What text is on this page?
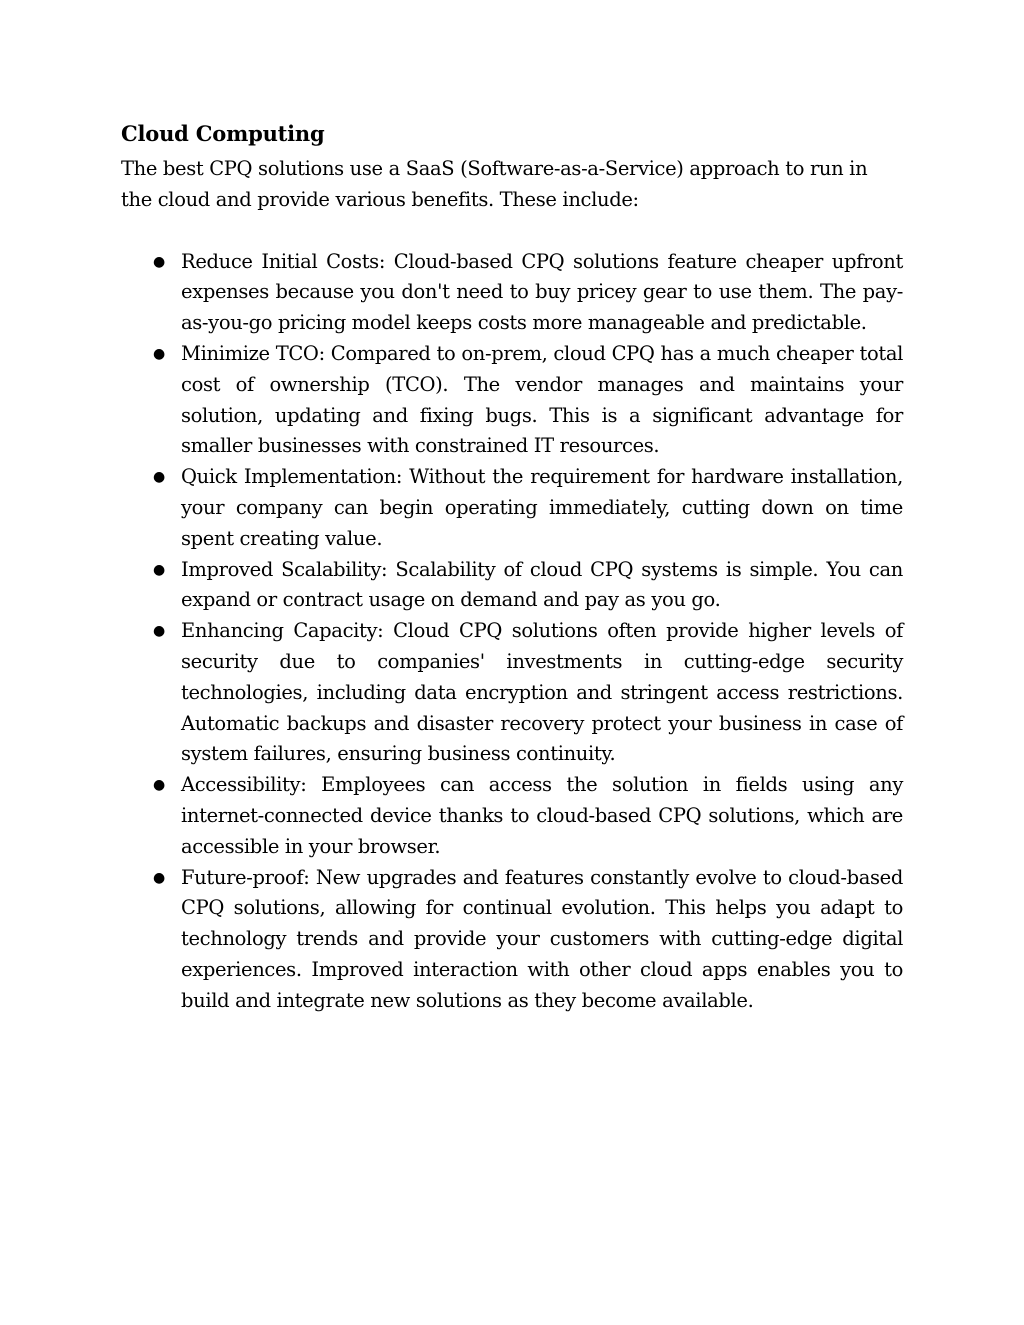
Cloud Computing

The best CPQ solutions use a SaaS (Software-as-a-Service) approach to run in the cloud and provide various benefits. These include:

● Reduce Initial Costs: Cloud-based CPQ solutions feature cheaper upfront expenses because you don't need to buy pricey gear to use them. The pay-as-you-go pricing model keeps costs more manageable and predictable.
● Minimize TCO: Compared to on-prem, cloud CPQ has a much cheaper total cost of ownership (TCO). The vendor manages and maintains your solution, updating and fixing bugs. This is a significant advantage for smaller businesses with constrained IT resources.
● Quick Implementation: Without the requirement for hardware installation, your company can begin operating immediately, cutting down on time spent creating value.
● Improved Scalability: Scalability of cloud CPQ systems is simple. You can expand or contract usage on demand and pay as you go.
● Enhancing Capacity: Cloud CPQ solutions often provide higher levels of security due to companies' investments in cutting-edge security technologies, including data encryption and stringent access restrictions. Automatic backups and disaster recovery protect your business in case of system failures, ensuring business continuity.
● Accessibility: Employees can access the solution in fields using any internet-connected device thanks to cloud-based CPQ solutions, which are accessible in your browser.
● Future-proof: New upgrades and features constantly evolve to cloud-based CPQ solutions, allowing for continual evolution. This helps you adapt to technology trends and provide your customers with cutting-edge digital experiences. Improved interaction with other cloud apps enables you to build and integrate new solutions as they become available.
